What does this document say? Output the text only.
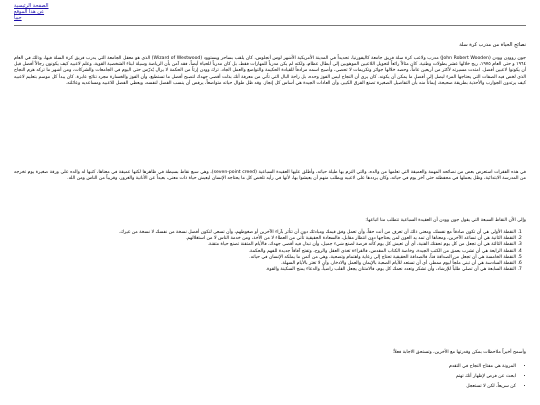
الصفحة الرئيسية
عن هذا الموقع
جيپا
نصائح الحياة من مدرب كرة سلة
جون روودِن وودن (John Robert Wooden) مدرب ولاعب كرة سلة فريق جامعة كاليفورنيا، تحديداً في المدينة الأمريكية الأشهر لوس أنجلوس، كان يلقب بساحر ويستوود (Wizard of Westwood) الذي هو معقل الجامعة التي يدرب فريق كرة السلة فيها، وذلك في العام ١٩٦٤ و حتى العام ١٩٧٥، ربح خلالها عشر بطولات وطنية. كان مثالاً رائعاً لتحويل اللاعبين الموهوبين إلى أبطال عظام، ولكنه لم يكن مدرباً للمهارات فقط، بل كان مدرباً للحياة أيضاً، فقد آمن بأن الرياضة وسيلة لبناء الشخصية القوية، وعلم لاعبيه كيف يكونون رجالاً أفضل قبل أن يكونوا لاعبين أفضل. امتدت مسيرته لأكثر من أربعين عاماً، وحصد خلالها جوائز وتكريمات لا تحصى، وأصبح اسمه مرادفاً للقيادة الحكيمة والتواضع والعمل الجاد. ترك وودن إرثاً من الحكمة لا يزال يُدرّس حتى اليوم في الجامعات والشركات، ومن أشهر ما تركه هرم النجاح الذي لخص فيه الصفات التي يحتاجها المرء ليصل إلى أفضل ما يمكن أن يكونه. كان يرى أن النجاح ليس الفوز وحده، بل راحة البال التي تأتي من معرفة أنك بذلت أقصى جهدك لتصبح أفضل ما تستطيع، وأن الفوز والخسارة مجرد نتائج عابرة. كان يبدأ كل موسم بتعليم لاعبيه كيف يرتدون الجوارب والأحذية بطريقة صحيحة، إيماناً منه بأن التفاصيل الصغيرة تصنع الفرق الكبير، وأن العادات الجيدة هي أساس كل إنجاز. وقد ظل طوال حياته متواضعاً، يرفض أن ينسب الفضل لنفسه، ويعطي الفضل للاعبيه ومساعديه وعائلته.
في هذه الفقرات استعرض بعض من نصائحه المهمة والعميقة التي تعلمها من والده، والتي التزم بها طيلة حياته، وأطلق عليها العقيدة السباعية (seven-point creed)، وهي سبع نقاط بسيطة في ظاهرها لكنها عميقة في معناها، كتبها له والده على ورقة صغيرة يوم تخرجه من المدرسة الابتدائية، وظل يحملها في محفظته حتى آخر يوم في حياته، وكان يرددها على لاعبيه ويطلب منهم أن يعيشوا بها، لأنها في رأيه تلخص كل ما يحتاجه الإنسان ليعيش حياة ذات معنى، بعيداً عن الأنانية والغرور، وقريباً من الناس ومن الله.
وإلى الأن النقاط السبعة التي يقول جون وودن أن العقيدة السباعية تتطلب منا اتباعها:
1. النقطة الأولى هي أن تكون صادقاً مع نفسك، ومعنى ذلك أن تعرف من أنت حقاً، وأن تعمل وفق قيمك ومبادئك دون أن تتأثر بآراء الآخرين أو ضغوطهم، وأن تسعى لتكون أفضل نسخة من نفسك لا نسخة من غيرك.
2. النقطة الثانية هي أن تساعد الآخرين، ومعناها أن تمد يد العون لمن يحتاجها دون انتظار مقابل، فالسعادة الحقيقية تأتي من العطاء لا من الأخذ، ومن خدمة الناس لا من استغلالهم.
3. النقطة الثالثة هي أن تجعل من كل يوم تحفتك الفنية، أي أن تعيش كل يوم كأنه فرصة لصنع شيء جميل، وأن تبذل فيه أقصى جهدك، فالأيام المتقنة تصنع حياة متقنة.
4. النقطة الرابعة هي أن تشرب بعمق من الكتب الجيدة، وخاصة الكتاب المقدس، فالقراءة تغذي العقل والروح، وتفتح آفاقاً جديدة للفهم والحكمة.
5. النقطة الخامسة هي أن تجعل من الصداقة فناً، فالصداقة الحقيقية تحتاج إلى رعاية واهتمام وتضحية، وهي من أثمن ما يملكه الإنسان في حياته.
6. النقطة السادسة هي أن تبني ملجأً ليوم ممطر، أي أن تستعد للأيام الصعبة بالإيمان والعمل والادخار، وأن لا تغتر بالأيام السهلة.
7. النقطة السابعة هي أن تصلي طلباً للإرشاد، وأن تشكر وتعدد نعمك كل يوم، فالامتنان يجعل القلب راضياً، والدعاء يمنح السكينة والقوة.
وأسمح أخيراً ملاحظات بمكن وقدرتها مع الأخرين، وتستحق الاجابة فعلاً:
• المرونة هي مفتاح النجاح في التقدم
• ابحث عن فرص لإظهار أنك تهتم
• كن سريعاً، لكن لا تستعجل
